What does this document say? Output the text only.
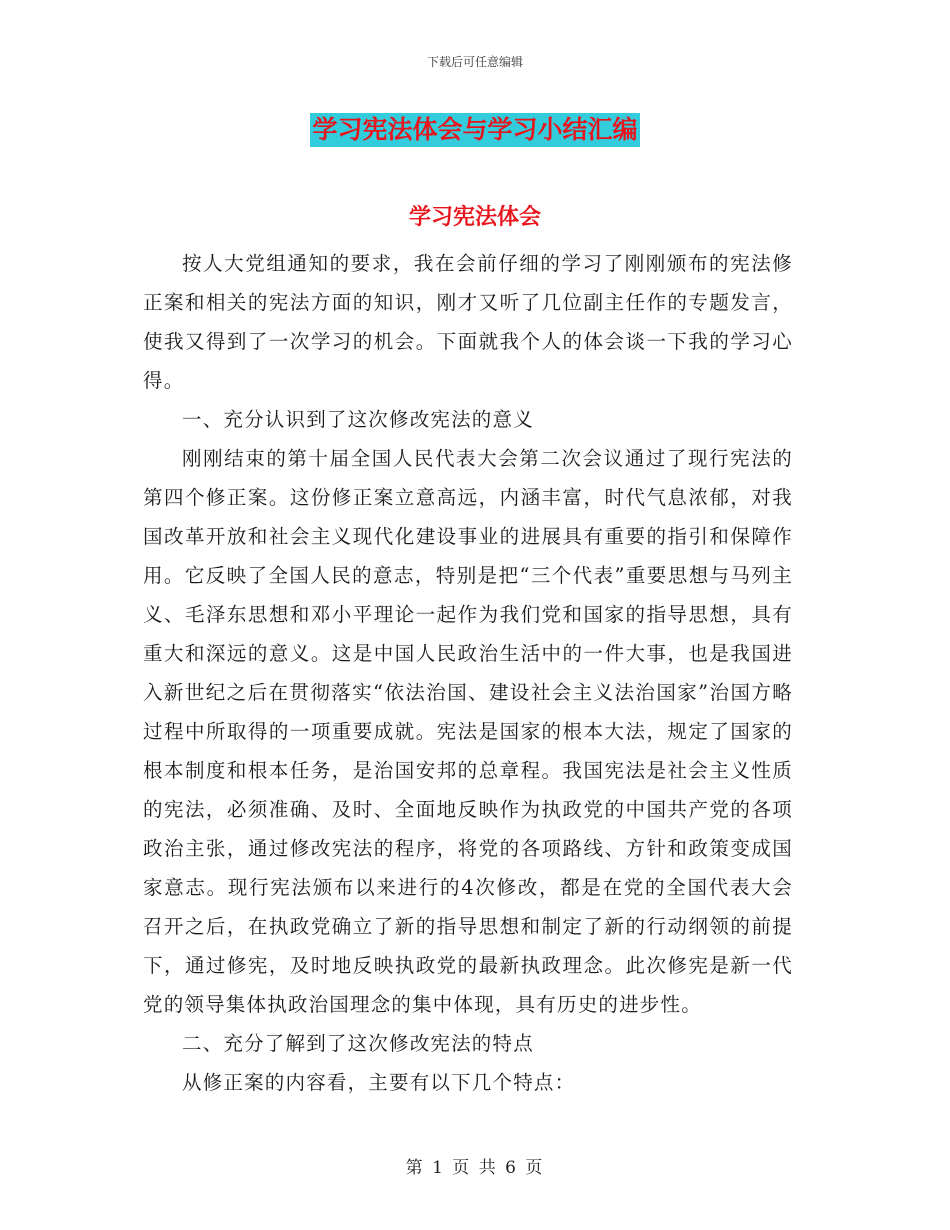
下载后可任意编辑
学习宪法体会与学习小结汇编
学习宪法体会

按人大党组通知的要求，我在会前仔细的学习了刚刚颁布的宪法修正案和相关的宪法方面的知识，刚才又听了几位副主任作的专题发言，使我又得到了一次学习的机会。下面就我个人的体会谈一下我的学习心得。

一、充分认识到了这次修改宪法的意义

刚刚结束的第十届全国人民代表大会第二次会议通过了现行宪法的第四个修正案。这份修正案立意高远，内涵丰富，时代气息浓郁，对我国改革开放和社会主义现代化建设事业的进展具有重要的指引和保障作用。它反映了全国人民的意志，特别是把“三个代表”重要思想与马列主义、毛泽东思想和邓小平理论一起作为我们党和国家的指导思想，具有重大和深远的意义。这是中国人民政治生活中的一件大事，也是我国进入新世纪之后在贯彻落实“依法治国、建设社会主义法治国家”治国方略过程中所取得的一项重要成就。宪法是国家的根本大法，规定了国家的根本制度和根本任务，是治国安邦的总章程。我国宪法是社会主义性质的宪法，必须准确、及时、全面地反映作为执政党的中国共产党的各项政治主张，通过修改宪法的程序，将党的各项路线、方针和政策变成国家意志。现行宪法颁布以来进行的4次修改，都是在党的全国代表大会召开之后，在执政党确立了新的指导思想和制定了新的行动纲领的前提下，通过修宪，及时地反映执政党的最新执政理念。此次修宪是新一代党的领导集体执政治国理念的集中体现，具有历史的进步性。

二、充分了解到了这次修改宪法的特点

从修正案的内容看，主要有以下几个特点：

第 1 页 共 6 页
